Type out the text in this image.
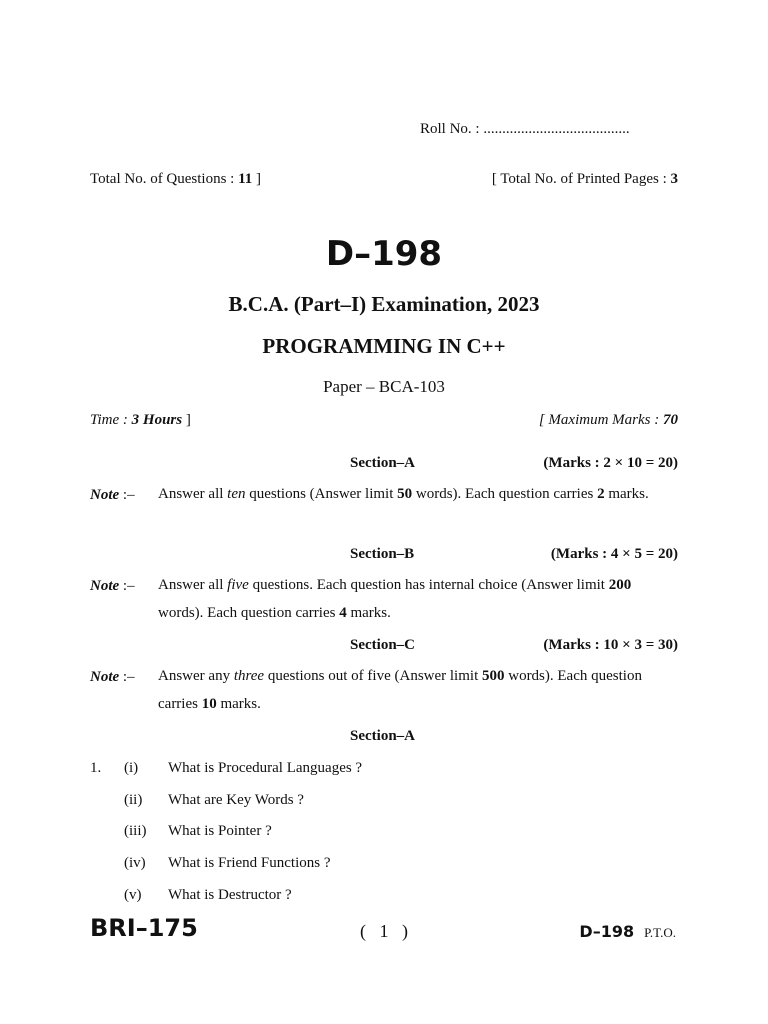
Roll No. : .......................................
Total No. of Questions : 11 ]	[ Total No. of Printed Pages : 3
D–198
B.C.A. (Part–I) Examination, 2023
PROGRAMMING IN C++
Paper – BCA-103
Time : 3 Hours ]	[ Maximum Marks : 70
Section–A	(Marks : 2 × 10 = 20)
Note :– Answer all ten questions (Answer limit 50 words). Each question carries 2 marks.
Section–B	(Marks : 4 × 5 = 20)
Note :– Answer all five questions. Each question has internal choice (Answer limit 200 words). Each question carries 4 marks.
Section–C	(Marks : 10 × 3 = 30)
Note :– Answer any three questions out of five (Answer limit 500 words). Each question carries 10 marks.
Section–A
1. (i) What is Procedural Languages ?
(ii) What are Key Words ?
(iii) What is Pointer ?
(iv) What is Friend Functions ?
(v) What is Destructor ?
BRI–175	(   1   )	D–198 P.T.O.
